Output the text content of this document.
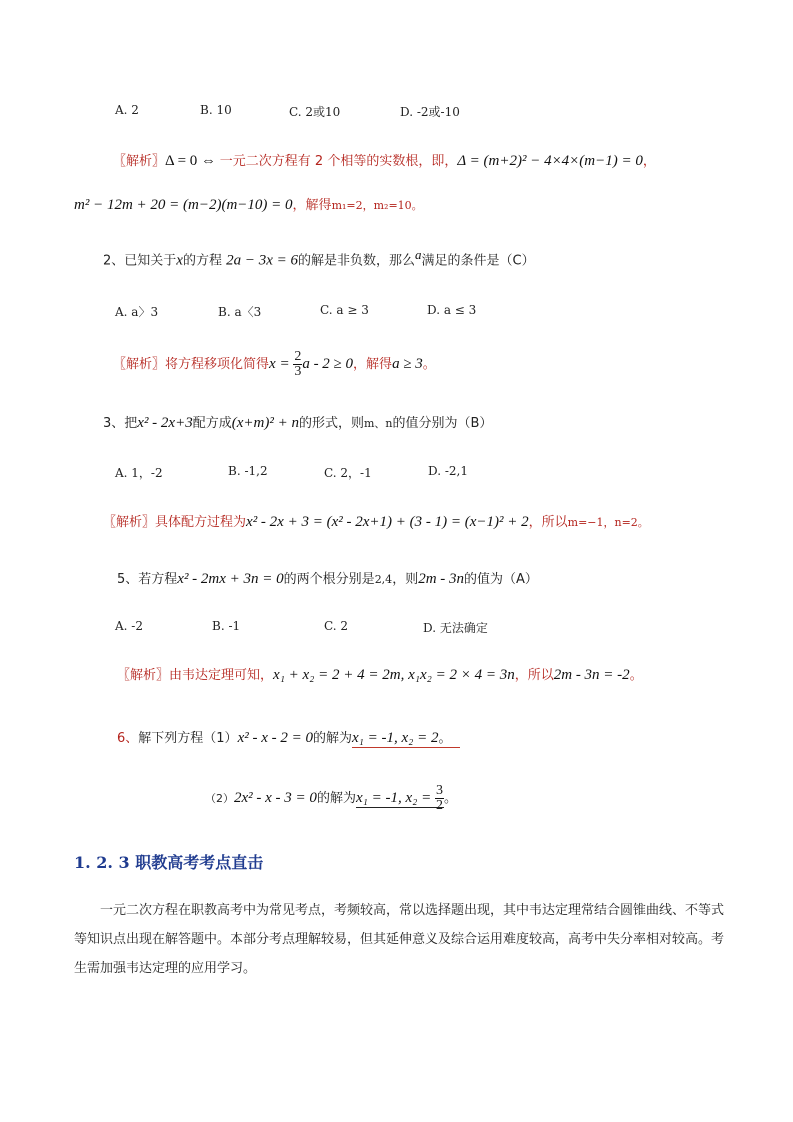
A. 2	B. 10	C. 2或10	D. -2或-10
〖解析〗Δ = 0 ⇔ 一元二次方程有 2 个相等的实数根，即，Δ = (m+2)² − 4×4×(m−1) = 0，
m² − 12m + 20 = (m−2)(m−10) = 0，解得m₁=2，m₂=10。
2、已知关于x的方程 2a − 3x = 6的解是非负数，那么$^a$满足的条件是（C）
A. a〉3	B. a〈3	C. a ≥ 3	D. a ≤ 3
〖解析〗将方程移项化简得$x = \frac{2}{3}$ a - 2 ≥ 0，解得a ≥ 3。
3、把x² - 2x+3配方成(x+m)² + n的形式，则m、n的值分别为（B）
A. 1，-2	B. -1,2	C. 2，-1	D. -2,1
〖解析〗具体配方过程为x² - 2x + 3 = (x² - 2x+1) + (3 - 1) = (x−1)² + 2，所以m=−1，n=2。
5、若方程x² - 2mx + 3n = 0的两个根分别是2,4，则2m - 3n的值为（A）
A. -2	B. -1	C. 2	D. 无法确定
〖解析〗由韦达定理可知，x₁ + x₂ = 2 + 4 = 2m, x₁x₂ = 2 × 4 = 3n，所以2m - 3n = -2。
6、解下列方程（1）x² - x - 2 = 0的解为x₁ = -1, x₂ = 2。
（2）2x² - x - 3 = 0的解为x₁ = -1, $x_2 = \frac{3}{2}$ 。
1. 2. 3 职教高考考点直击
一元二次方程在职教高考中为常见考点，考频较高，常以选择题出现，其中韦达定理常结合圆锥曲线、不等式等知识点出现在解答题中。本部分考点理解较易，但其延伸意义及综合运用难度较高，高考中失分率相对较高。考生需加强韦达定理的应用学习。
